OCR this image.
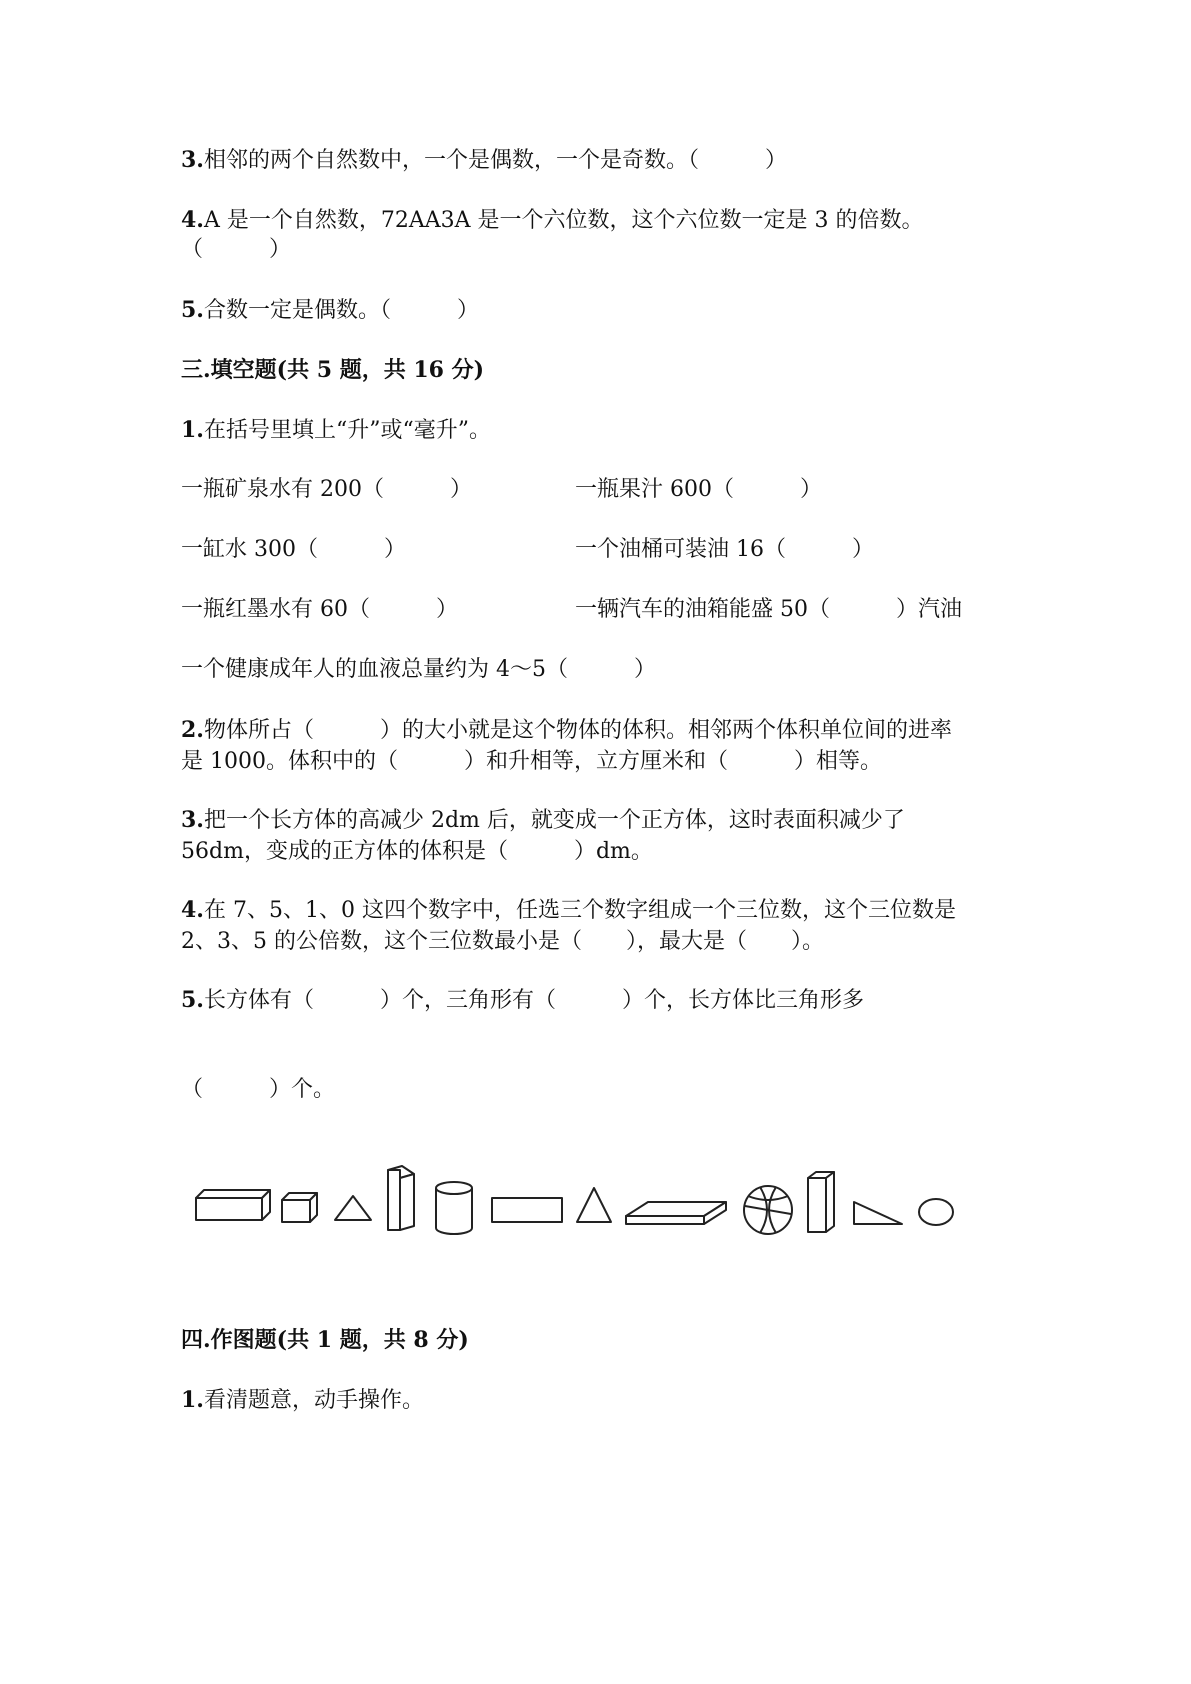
3.相邻的两个自然数中，一个是偶数，一个是奇数。（　　　）
4.A 是一个自然数，72AA3A 是一个六位数，这个六位数一定是 3 的倍数。
（　　　）
5.合数一定是偶数。（　　　）
三.填空题(共 5 题，共 16 分)
1.在括号里填上“升”或“毫升”。
一瓶矿泉水有 200（　　　）	一瓶果汁 600（　　　）
一缸水 300（　　　）	一个油桶可装油 16（　　　）
一瓶红墨水有 60（　　　）	一辆汽车的油箱能盛 50（　　　）汽油
一个健康成年人的血液总量约为 4～5（　　　）
2.物体所占（　　　）的大小就是这个物体的体积。相邻两个体积单位间的进率
是 1000。体积中的（　　　）和升相等，立方厘米和（　　　）相等。
3.把一个长方体的高减少 2dm 后，就变成一个正方体，这时表面积减少了
56dm，变成的正方体的体积是（　　　）dm。
4.在 7、5、1、0 这四个数字中，任选三个数字组成一个三位数，这个三位数是
2、3、5 的公倍数，这个三位数最小是（　　），最大是（　　）。
5.长方体有（　　　）个，三角形有（　　　）个，长方体比三角形多
（　　　）个。
四.作图题(共 1 题，共 8 分)
1.看清题意，动手操作。
